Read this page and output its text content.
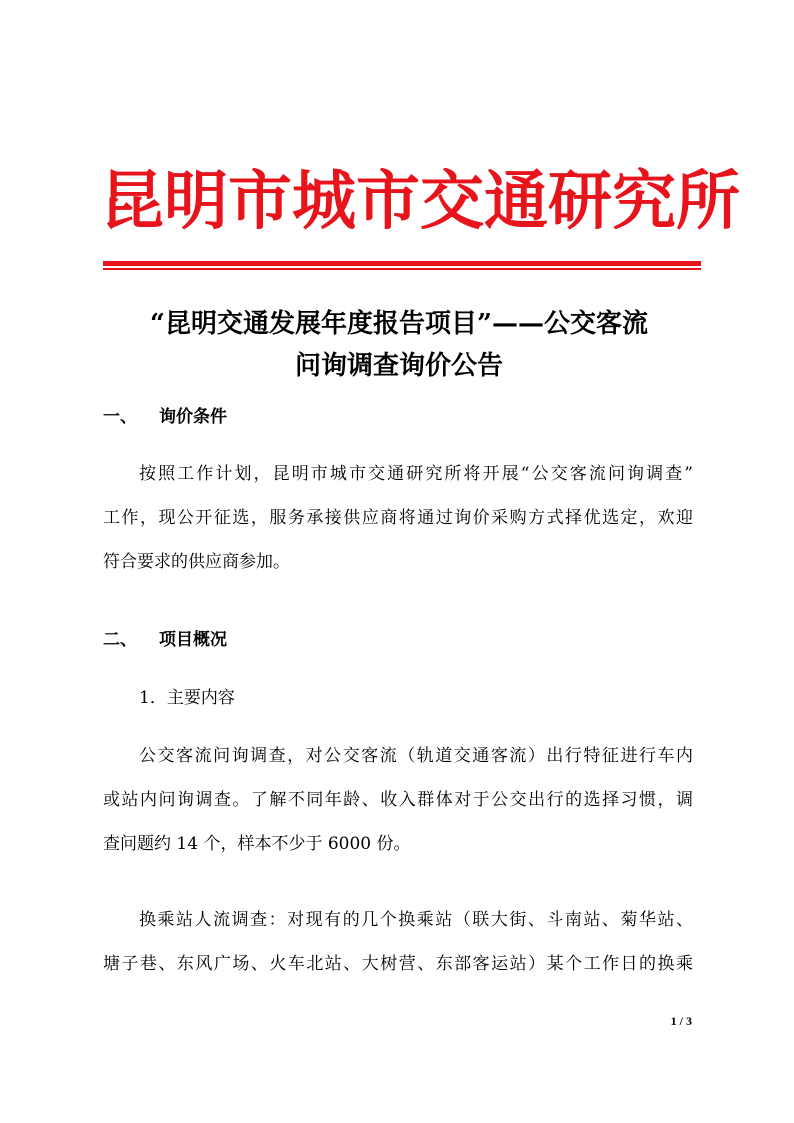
昆明市城市交通研究所
“昆明交通发展年度报告项目”——公交客流
问询调查询价公告
一、 询价条件
按照工作计划，昆明市城市交通研究所将开展“公交客流问询调查”
工作，现公开征选，服务承接供应商将通过询价采购方式择优选定，欢迎
符合要求的供应商参加。
二、 项目概况
1．主要内容
公交客流问询调查，对公交客流（轨道交通客流）出行特征进行车内
或站内问询调查。了解不同年龄、收入群体对于公交出行的选择习惯，调
查问题约 14 个，样本不少于 6000 份。
换乘站人流调查：对现有的几个换乘站（联大街、斗南站、菊华站、
塘子巷、东风广场、火车北站、大树营、东部客运站）某个工作日的换乘
1 / 3
